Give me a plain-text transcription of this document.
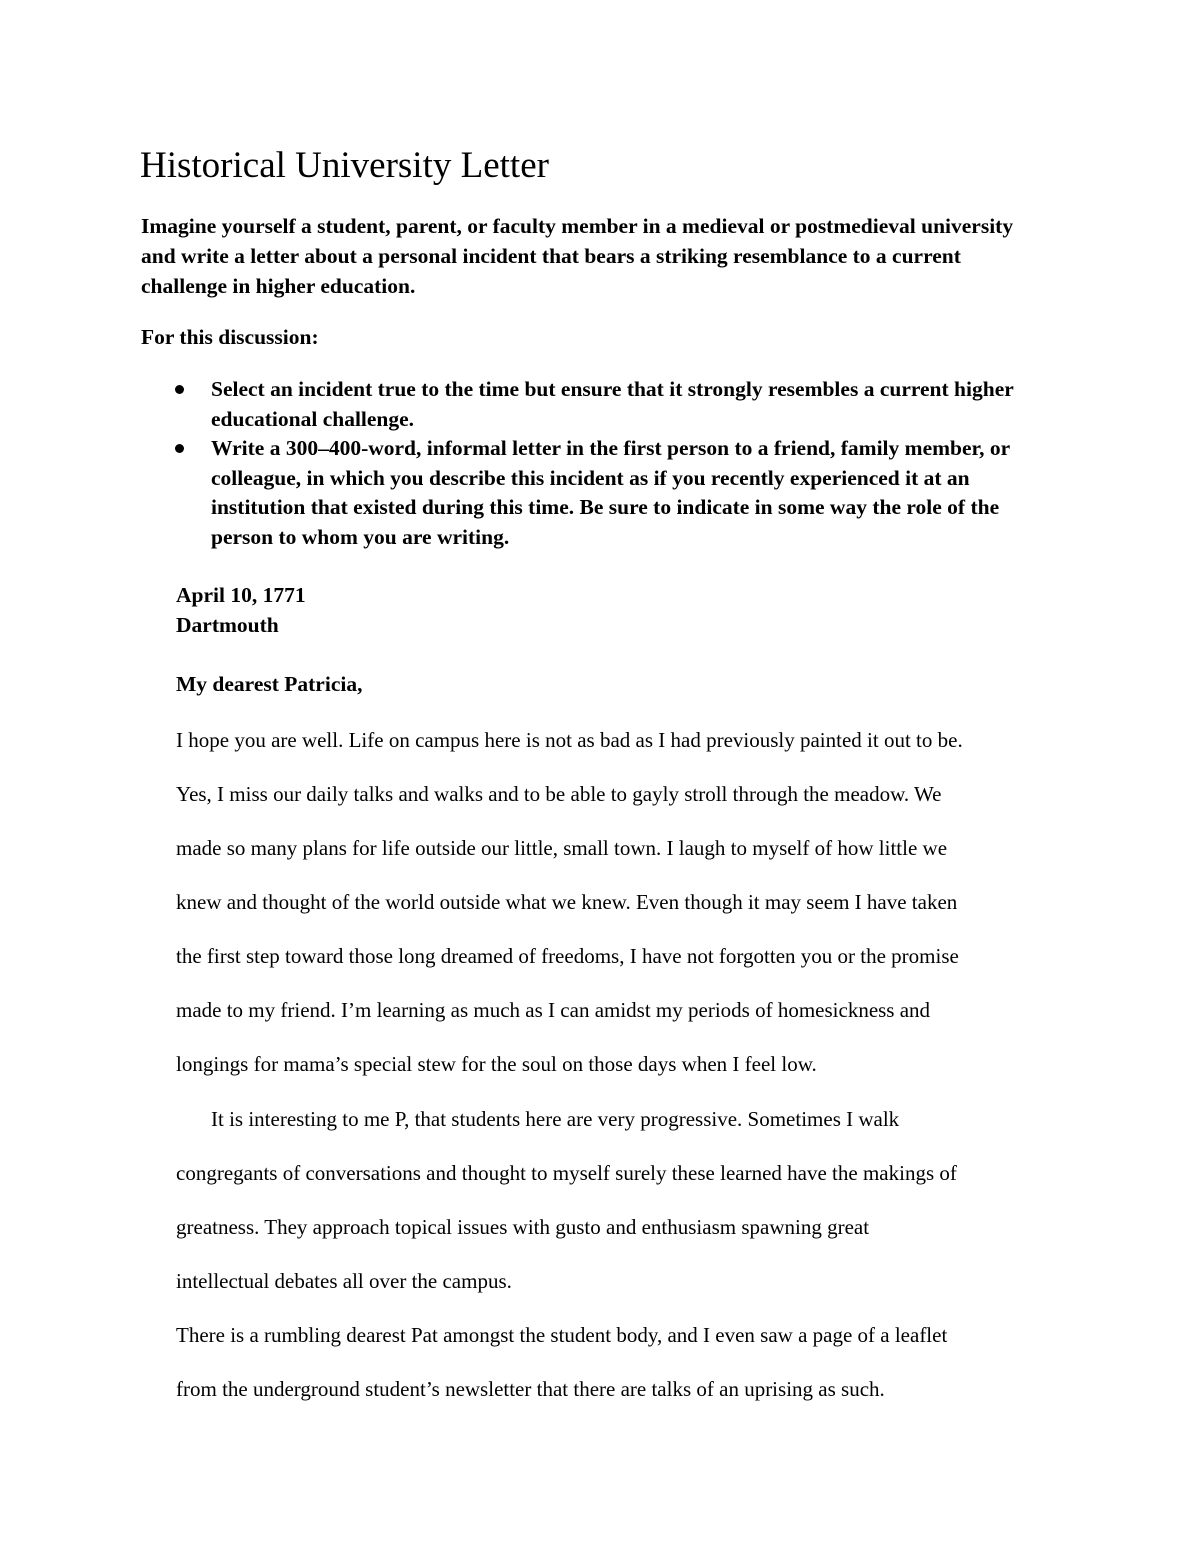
Historical University Letter

Imagine yourself a student, parent, or faculty member in a medieval or postmedieval university and write a letter about a personal incident that bears a striking resemblance to a current challenge in higher education.

For this discussion:

Select an incident true to the time but ensure that it strongly resembles a current higher educational challenge.
Write a 300–400-word, informal letter in the first person to a friend, family member, or colleague, in which you describe this incident as if you recently experienced it at an institution that existed during this time. Be sure to indicate in some way the role of the person to whom you are writing.
April 10, 1771
Dartmouth

My dearest Patricia,

I hope you are well. Life on campus here is not as bad as I had previously painted it out to be.
Yes, I miss our daily talks and walks and to be able to gayly stroll through the meadow. We
made so many plans for life outside our little, small town. I laugh to myself of how little we
knew and thought of the world outside what we knew. Even though it may seem I have taken
the first step toward those long dreamed of freedoms, I have not forgotten you or the promise
made to my friend. I’m learning as much as I can amidst my periods of homesickness and
longings for mama’s special stew for the soul on those days when I feel low.
It is interesting to me P, that students here are very progressive. Sometimes I walk
congregants of conversations and thought to myself surely these learned have the makings of
greatness. They approach topical issues with gusto and enthusiasm spawning great
intellectual debates all over the campus.
There is a rumbling dearest Pat amongst the student body, and I even saw a page of a leaflet
from the underground student’s newsletter that there are talks of an uprising as such.
